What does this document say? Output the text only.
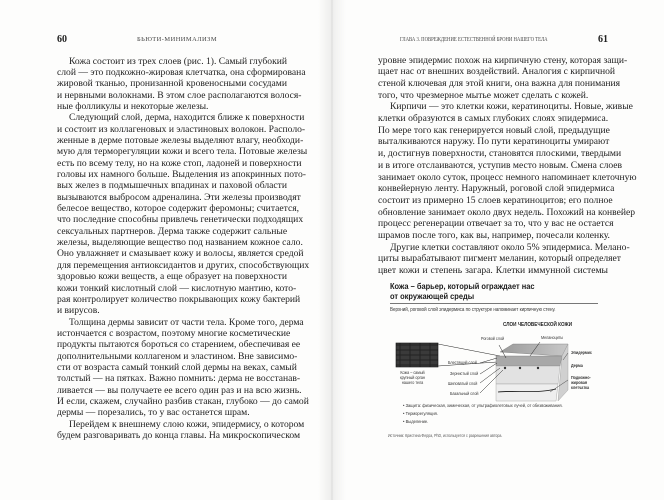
60	БЬЮТИ-МИНИМАЛИЗМ
Кожа состоит из трех слоев (рис. 1). Самый глубокий
слой — это подкожно-жировая клетчатка, она сформирована
жировой тканью, пронизанной кровеносными сосудами
и нервными волокнами. В этом слое располагаются волося-
ные фолликулы и некоторые железы.
Следующий слой, дерма, находится ближе к поверхности
и состоит из коллагеновых и эластиновых волокон. Располо-
женные в дерме потовые железы выделяют влагу, необходи-
мую для терморегуляции кожи и всего тела. Потовые железы
есть по всему телу, но на коже стоп, ладоней и поверхности
головы их намного больше. Выделения из апокринных пото-
вых желез в подмышечных впадинах и паховой области
вызываются выбросом адреналина. Эти железы производят
белесое вещество, которое содержит феромоны; считается,
что последние способны привлечь генетически подходящих
сексуальных партнеров. Дерма также содержит сальные
железы, выделяющие вещество под названием кожное сало.
Оно увлажняет и смазывает кожу и волосы, является средой
для перемещения антиоксидантов и других, способствующих
здоровью кожи веществ, а еще образует на поверхности
кожи тонкий кислотный слой — кислотную мантию, кото-
рая контролирует количество покрывающих кожу бактерий
и вирусов.
Толщина дермы зависит от части тела. Кроме того, дерма
истончается с возрастом, поэтому многие косметические
продукты пытаются бороться со старением, обеспечивая ее
дополнительными коллагеном и эластином. Вне зависимо-
сти от возраста самый тонкий слой дермы на веках, самый
толстый — на пятках. Важно помнить: дерма не восстанав-
ливается — вы получаете ее всего один раз и на всю жизнь.
И если, скажем, случайно разбив стакан, глубоко — до самой
дермы — порезались, то у вас останется шрам.
Перейдем к внешнему слою кожи, эпидермису, о котором
будем разговаривать до конца главы. На микроскопическом
ГЛАВА 3. ПОВРЕЖДЕНИЕ ЕСТЕСТВЕННОЙ БРОНИ НАШЕГО ТЕЛА	61
уровне эпидермис похож на кирпичную стену, которая защи-
щает нас от внешних воздействий. Аналогия с кирпичной
стеной ключевая для этой книги, она важна для понимания
того, что чрезмерное мытье может сделать с кожей.
Кирпичи — это клетки кожи, кератиноциты. Новые, живые
клетки образуются в самых глубоких слоях эпидермиса.
По мере того как генерируется новый слой, предыдущие
выталкиваются наружу. По пути кератиноциты умирают
и, достигнув поверхности, становятся плоскими, твердыми
и в итоге отслаиваются, уступив место новым. Смена слоев
занимает около суток, процесс немного напоминает клеточную
конвейерную ленту. Наружный, роговой слой эпидермиса
состоит из примерно 15 слоев кератиноцитов; его полное
обновление занимает около двух недель. Похожий на конвейер
процесс регенерации отвечает за то, что у вас не остается
шрамов после того, как вы, например, почесали коленку.
Другие клетки составляют около 5% эпидермиса. Мелано-
циты вырабатывают пигмент меланин, который определяет
цвет кожи и степень загара. Клетки иммунной системы
Кожа – барьер, который ограждает нас
от окружающей среды
Верхний, роговой слой эпидермиса по структуре напоминает кирпичную стену.
СЛОИ ЧЕЛОВЕЧЕСКОЙ КОЖИ
Кожа – самый
крупный орган
нашего тела
Роговой слой
Блестящий слой
Зернистый слой
Шиповатый слой
Базальный слой
Меланоциты
Эпидермис
Дерма
Подкожно-
жировая
клетчатка
• Защита: физическая, химическая, от ультрафиолетовых лучей, от обезвоживания.
• Терморегуляция.
• Выделение.
Источник: Кристина Ферра, PhD, используется с разрешения автора.
